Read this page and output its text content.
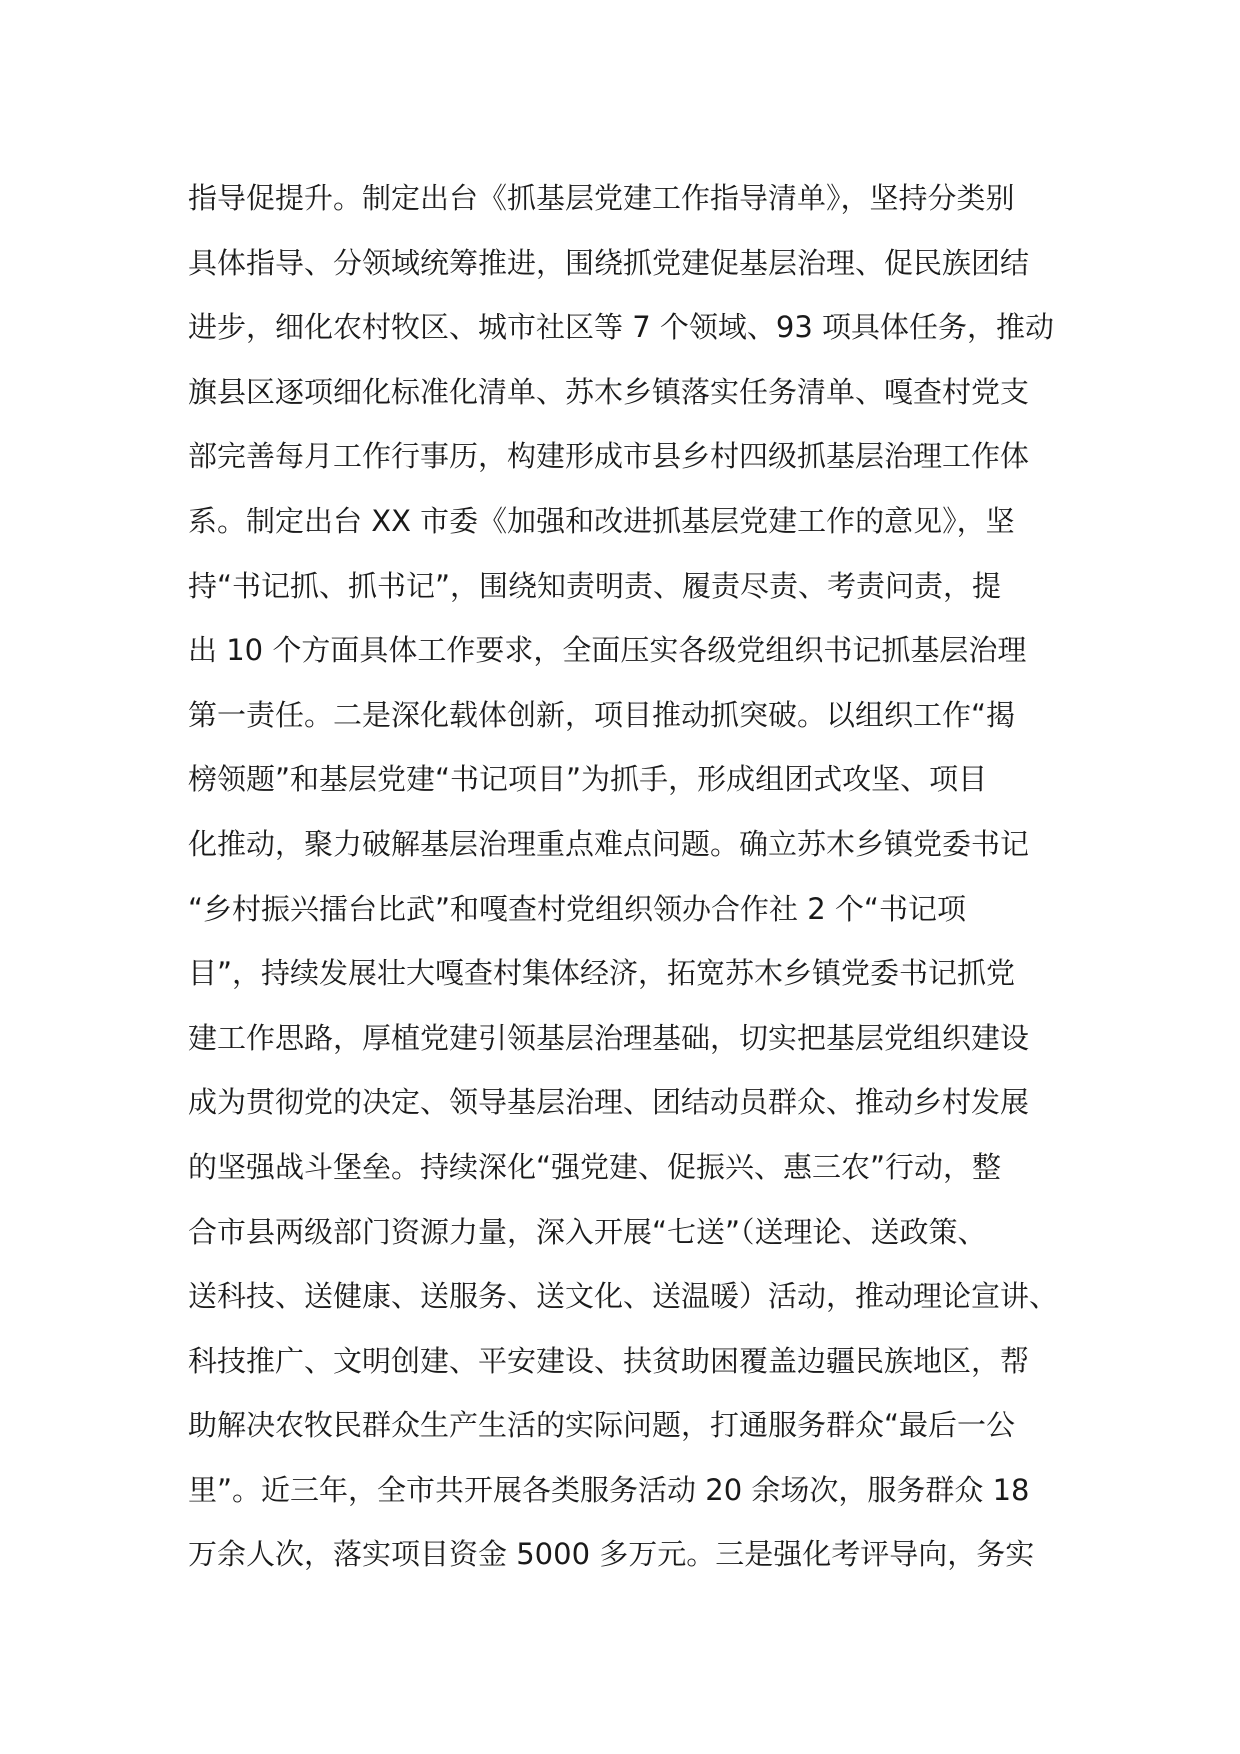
指导促提升。制定出台《抓基层党建工作指导清单》，坚持分类别
具体指导、分领域统筹推进，围绕抓党建促基层治理、促民族团结
进步，细化农村牧区、城市社区等 7 个领域、93 项具体任务，推动
旗县区逐项细化标准化清单、苏木乡镇落实任务清单、嘎查村党支
部完善每月工作行事历，构建形成市县乡村四级抓基层治理工作体
系。制定出台 XX 市委《加强和改进抓基层党建工作的意见》，坚
持“书记抓、抓书记”，围绕知责明责、履责尽责、考责问责，提
出 10 个方面具体工作要求，全面压实各级党组织书记抓基层治理
第一责任。二是深化载体创新，项目推动抓突破。以组织工作“揭
榜领题”和基层党建“书记项目”为抓手，形成组团式攻坚、项目
化推动，聚力破解基层治理重点难点问题。确立苏木乡镇党委书记
“乡村振兴擂台比武”和嘎查村党组织领办合作社 2 个“书记项
目”，持续发展壮大嘎查村集体经济，拓宽苏木乡镇党委书记抓党
建工作思路，厚植党建引领基层治理基础，切实把基层党组织建设
成为贯彻党的决定、领导基层治理、团结动员群众、推动乡村发展
的坚强战斗堡垒。持续深化“强党建、促振兴、惠三农”行动，整
合市县两级部门资源力量，深入开展“七送”（送理论、送政策、
送科技、送健康、送服务、送文化、送温暖）活动，推动理论宣讲、
科技推广、文明创建、平安建设、扶贫助困覆盖边疆民族地区，帮
助解决农牧民群众生产生活的实际问题，打通服务群众“最后一公
里”。近三年，全市共开展各类服务活动 20 余场次，服务群众 18
万余人次，落实项目资金 5000 多万元。三是强化考评导向，务实
